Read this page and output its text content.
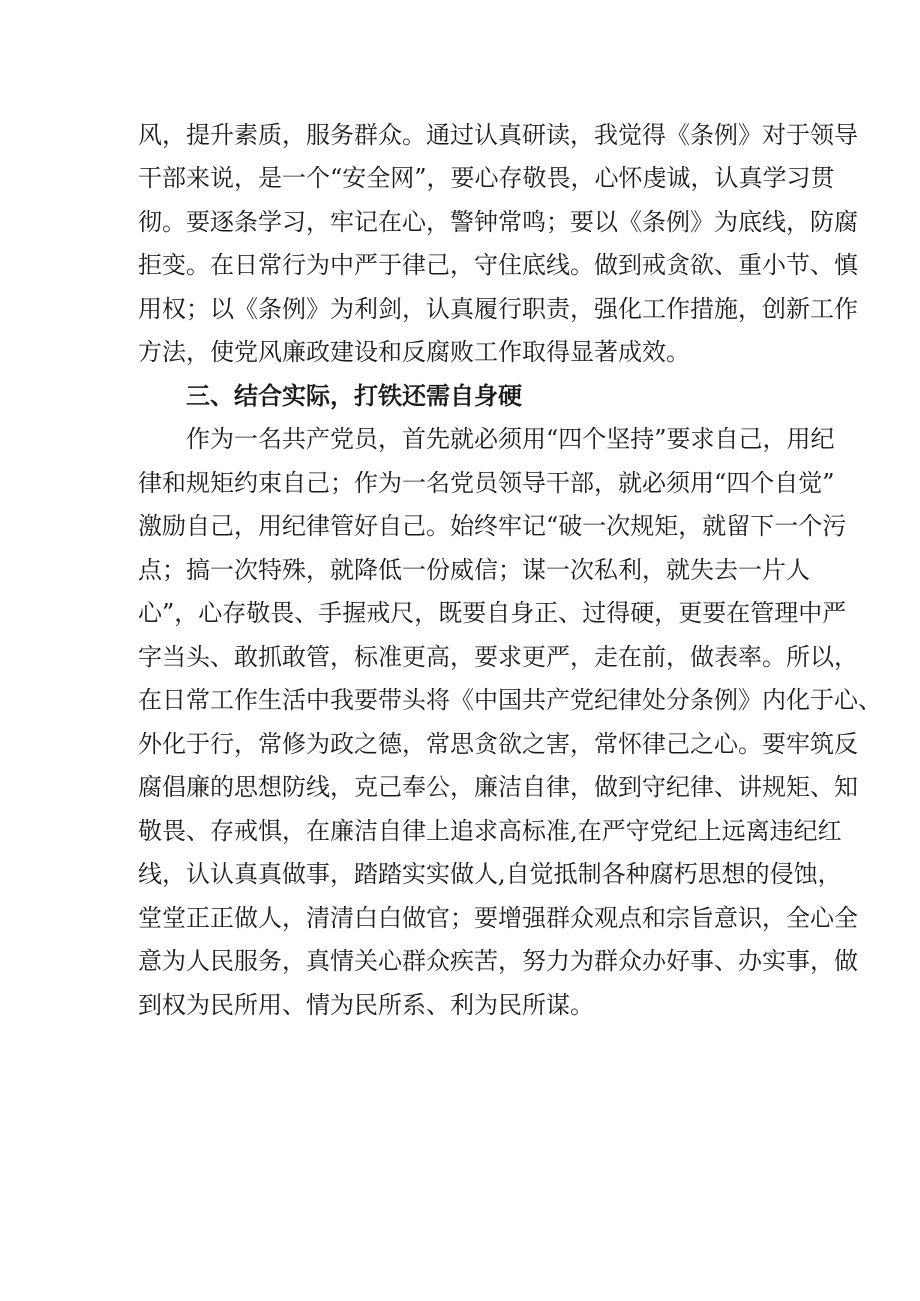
风，提升素质，服务群众。通过认真研读，我觉得《条例》对于领导
干部来说，是一个“安全网”，要心存敬畏，心怀虔诚，认真学习贯
彻。要逐条学习，牢记在心，警钟常鸣；要以《条例》为底线，防腐
拒变。在日常行为中严于律己，守住底线。做到戒贪欲、重小节、慎
用权；以《条例》为利剑，认真履行职责，强化工作措施，创新工作
方法，使党风廉政建设和反腐败工作取得显著成效。
三、结合实际，打铁还需自身硬
作为一名共产党员，首先就必须用“四个坚持”要求自己，用纪
律和规矩约束自己；作为一名党员领导干部，就必须用“四个自觉”
激励自己，用纪律管好自己。始终牢记“破一次规矩，就留下一个污
点；搞一次特殊，就降低一份威信；谋一次私利，就失去一片人
心”，心存敬畏、手握戒尺，既要自身正、过得硬，更要在管理中严
字当头、敢抓敢管，标准更高，要求更严，走在前，做表率。所以，
在日常工作生活中我要带头将《中国共产党纪律处分条例》内化于心、
外化于行，常修为政之德，常思贪欲之害，常怀律己之心。要牢筑反
腐倡廉的思想防线，克己奉公，廉洁自律，做到守纪律、讲规矩、知
敬畏、存戒惧，在廉洁自律上追求高标准,在严守党纪上远离违纪红
线，认认真真做事，踏踏实实做人,自觉抵制各种腐朽思想的侵蚀，
堂堂正正做人，清清白白做官；要增强群众观点和宗旨意识，全心全
意为人民服务，真情关心群众疾苦，努力为群众办好事、办实事，做
到权为民所用、情为民所系、利为民所谋。
